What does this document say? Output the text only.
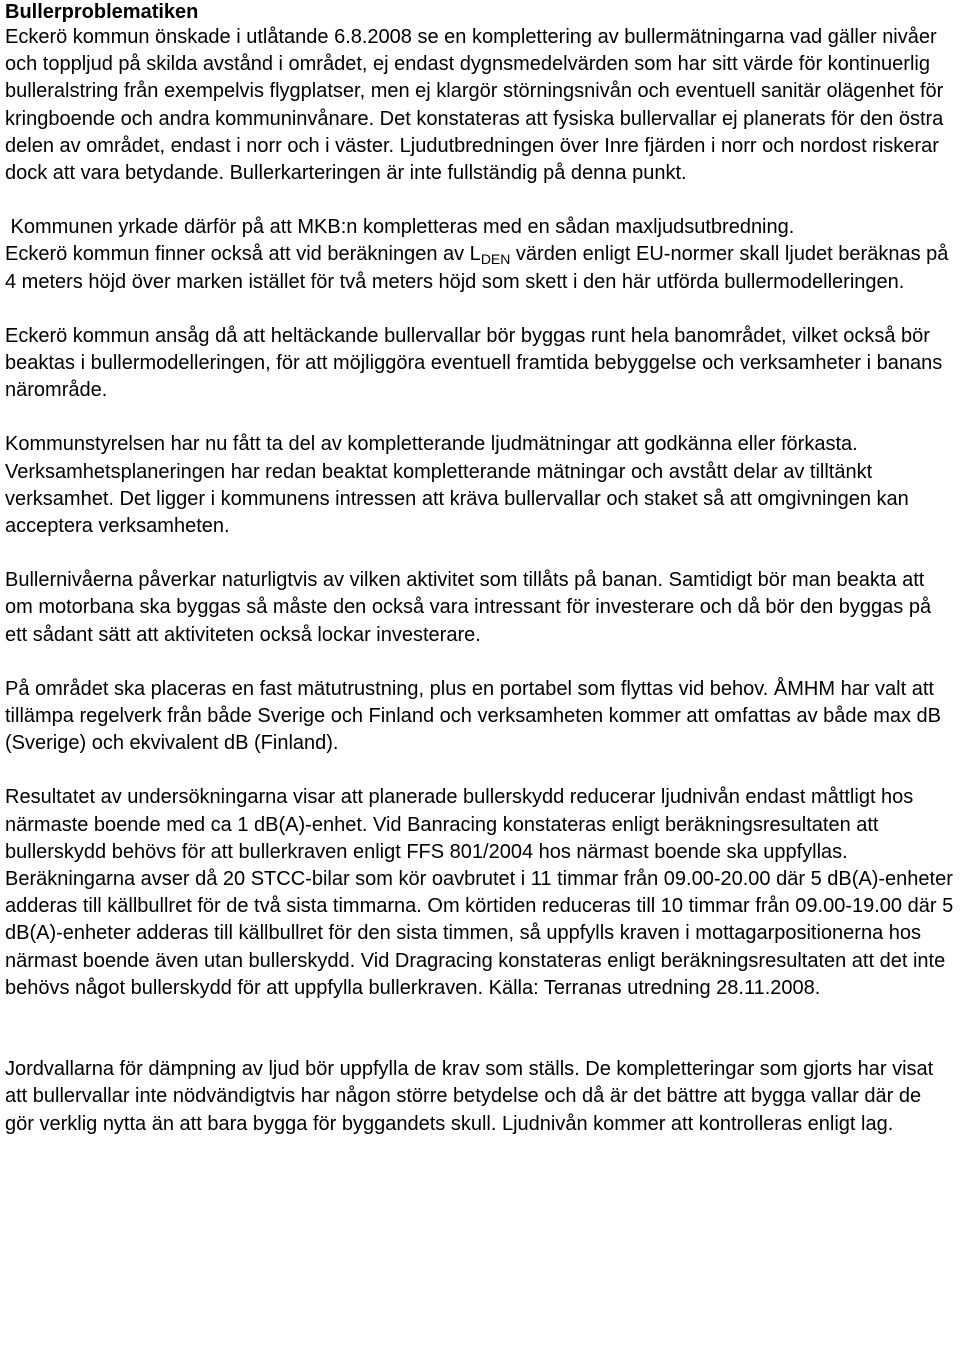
Bullerproblematiken

Eckerö kommun önskade i utlåtande 6.8.2008 se en komplettering av bullermätningarna vad gäller nivåer och toppljud på skilda avstånd i området, ej endast dygnsmedelvärden som har sitt värde för kontinuerlig bulleralstring från exempelvis flygplatser, men ej klargör störningsnivån och eventuell sanitär olägenhet för kringboende och andra kommuninvånare. Det konstateras att fysiska bullervallar ej planerats för den östra delen av området, endast i norr och i väster. Ljudutbredningen över Inre fjärden i norr och nordost riskerar dock att vara betydande. Bullerkarteringen är inte fullständig på denna punkt.

Kommunen yrkade därför på att MKB:n kompletteras med en sådan maxljudsutbredning.

Eckerö kommun finner också att vid beräkningen av $L_{DEN}$ värden enligt EU-normer skall ljudet beräknas på 4 meters höjd över marken istället för två meters höjd som skett i den här utförda bullermodelleringen.

Eckerö kommun ansåg då att heltäckande bullervallar bör byggas runt hela banområdet, vilket också bör beaktas i bullermodelleringen, för att möjliggöra eventuell framtida bebyggelse och verksamheter i banans närområde.

Kommunstyrelsen har nu fått ta del av kompletterande ljudmätningar att godkänna eller förkasta. Verksamhetsplaneringen har redan beaktat kompletterande mätningar och avstått delar av tilltänkt verksamhet. Det ligger i kommunens intressen att kräva bullervallar och staket så att omgivningen kan acceptera verksamheten.

Bullernivåerna påverkar naturligtvis av vilken aktivitet som tillåts på banan. Samtidigt bör man beakta att om motorbana ska byggas så måste den också vara intressant för investerare och då bör den byggas på ett sådant sätt att aktiviteten också lockar investerare.

På området ska placeras en fast mätutrustning, plus en portabel som flyttas vid behov. ÅMHM har valt att tillämpa regelverk från både Sverige och Finland och verksamheten kommer att omfattas av både max dB (Sverige) och ekvivalent dB (Finland).

Resultatet av undersökningarna visar att planerade bullerskydd reducerar ljudnivån endast måttligt hos närmaste boende med ca 1 dB(A)-enhet. Vid Banracing konstateras enligt beräkningsresultaten att bullerskydd behövs för att bullerkraven enligt FFS 801/2004 hos närmast boende ska uppfyllas. Beräkningarna avser då 20 STCC-bilar som kör oavbrutet i 11 timmar från 09.00-20.00 där 5 dB(A)-enheter adderas till källbullret för de två sista timmarna. Om körtiden reduceras till 10 timmar från 09.00-19.00 där 5 dB(A)-enheter adderas till källbullret för den sista timmen, så uppfylls kraven i mottagarpositionerna hos närmast boende även utan bullerskydd. Vid Dragracing konstateras enligt beräkningsresultaten att det inte behövs något bullerskydd för att uppfylla bullerkraven. Källa: Terranas utredning 28.11.2008.

Jordvallarna för dämpning av ljud bör uppfylla de krav som ställs. De kompletteringar som gjorts har visat att bullervallar inte nödvändigtvis har någon större betydelse och då är det bättre att bygga vallar där de gör verklig nytta än att bara bygga för byggandets skull. Ljudnivån kommer att kontrolleras enligt lag.
